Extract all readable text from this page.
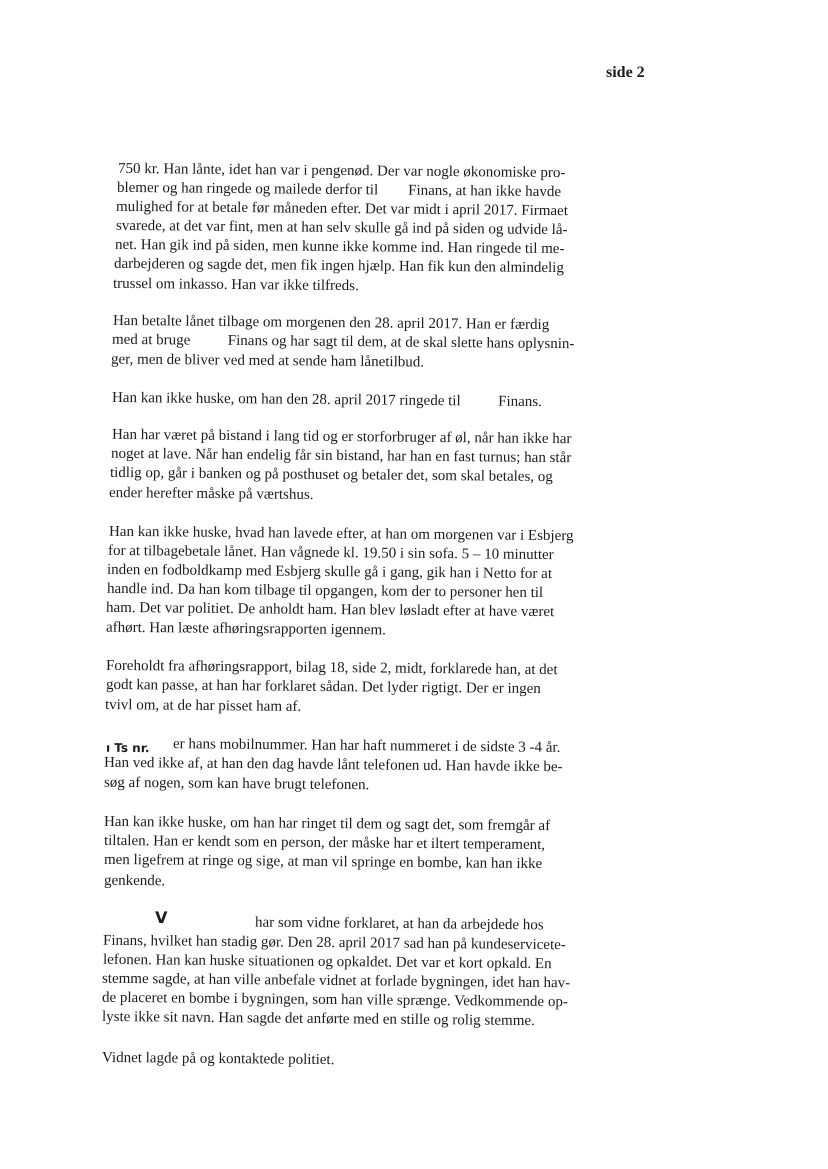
side 2

750 kr. Han lånte, idet han var i pengenød. Der var nogle økonomiske pro-
blemer og han ringede og mailede derfor til        Finans, at han ikke havde
mulighed for at betale før måneden efter. Det var midt i april 2017. Firmaet
svarede, at det var fint, men at han selv skulle gå ind på siden og udvide lå-
net. Han gik ind på siden, men kunne ikke komme ind. Han ringede til me-
darbejderen og sagde det, men fik ingen hjælp. Han fik kun den almindelig
trussel om inkasso. Han var ikke tilfreds.
Han betalte lånet tilbage om morgenen den 28. april 2017. Han er færdig
med at bruge          Finans og har sagt til dem, at de skal slette hans oplysnin-
ger, men de bliver ved med at sende ham lånetilbud.
Han kan ikke huske, om han den 28. april 2017 ringede til          Finans.
Han har været på bistand i lang tid og er storforbruger af øl, når han ikke har
noget at lave. Når han endelig får sin bistand, har han en fast turnus; han står
tidlig op, går i banken og på posthuset og betaler det, som skal betales, og
ender herefter måske på værtshus.
Han kan ikke huske, hvad han lavede efter, at han om morgenen var i Esbjerg
for at tilbagebetale lånet. Han vågnede kl. 19.50 i sin sofa. 5 – 10 minutter
inden en fodboldkamp med Esbjerg skulle gå i gang, gik han i Netto for at
handle ind. Da han kom tilbage til opgangen, kom der to personer hen til
ham. Det var politiet. De anholdt ham. Han blev løsladt efter at have været
afhørt. Han læste afhøringsrapporten igennem.
Foreholdt fra afhøringsrapport, bilag 18, side 2, midt, forklarede han, at det
godt kan passe, at han har forklaret sådan. Det lyder rigtigt. Der er ingen
tvivl om, at de har pisset ham af.
ı Ts nr. er hans mobilnummer. Han har haft nummeret i de sidste 3 -4 år.
Han ved ikke af, at han den dag havde lånt telefonen ud. Han havde ikke be-
søg af nogen, som kan have brugt telefonen.
Han kan ikke huske, om han har ringet til dem og sagt det, som fremgår af
tiltalen. Han er kendt som en person, der måske har et iltert temperament,
men ligefrem at ringe og sige, at man vil springe en bombe, kan han ikke
genkende.
V	har som vidne forklaret, at han da arbejdede hos
Finans, hvilket han stadig gør. Den 28. april 2017 sad han på kundeservicete-
lefonen. Han kan huske situationen og opkaldet. Det var et kort opkald. En
stemme sagde, at han ville anbefale vidnet at forlade bygningen, idet han hav-
de placeret en bombe i bygningen, som han ville sprænge. Vedkommende op-
lyste ikke sit navn. Han sagde det anførte med en stille og rolig stemme.
Vidnet lagde på og kontaktede politiet.
